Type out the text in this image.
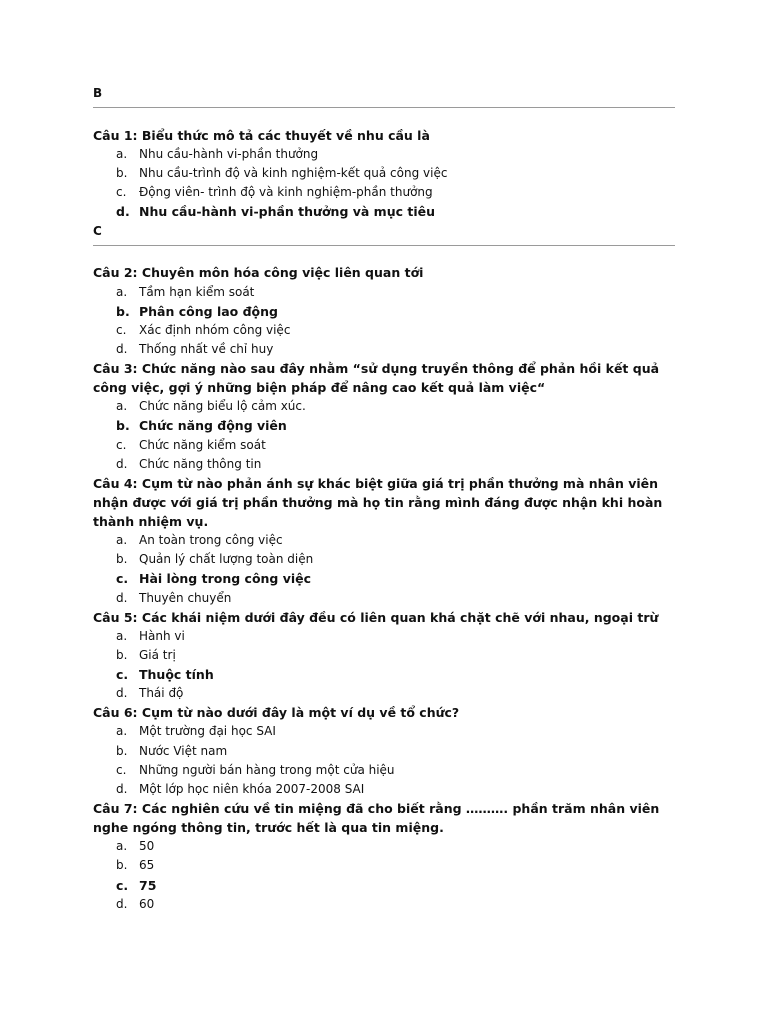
B
Câu 1: Biểu thức mô tả các thuyết về nhu cầu là
a. Nhu cầu-hành vi-phần thưởng
b. Nhu cầu-trình độ và kinh nghiệm-kết quả công việc
c. Động viên- trình độ và kinh nghiệm-phần thưởng
d. Nhu cầu-hành vi-phần thưởng và mục tiêu
C
Câu 2: Chuyên môn hóa công việc liên quan tới
a. Tầm hạn kiểm soát
b. Phân công lao động
c. Xác định nhóm công việc
d. Thống nhất về chỉ huy
Câu 3: Chức năng nào sau đây nhằm “sử dụng truyền thông để phản hồi kết quả công việc, gợi ý những biện pháp để nâng cao kết quả làm việc“
a. Chức năng biểu lộ cảm xúc.
b. Chức năng động viên
c. Chức năng kiểm soát
d. Chức năng thông tin
Câu 4: Cụm từ nào phản ánh sự khác biệt giữa giá trị phần thưởng mà nhân viên nhận được với giá trị phần thưởng mà họ tin rằng mình đáng được nhận khi hoàn thành nhiệm vụ.
a. An toàn trong công việc
b. Quản lý chất lượng toàn diện
c. Hài lòng trong công việc
d. Thuyên chuyển
Câu 5: Các khái niệm dưới đây đều có liên quan khá chặt chẽ với nhau, ngoại trừ
a. Hành vi
b. Giá trị
c. Thuộc tính
d. Thái độ
Câu 6: Cụm từ nào dưới đây là một ví dụ về tổ chức?
a. Một trường đại học SAI
b. Nước Việt nam
c. Những người bán hàng trong một cửa hiệu
d. Một lớp học niên khóa 2007-2008 SAI
Câu 7: Các nghiên cứu về tin miệng đã cho biết rằng ………. phần trăm nhân viên nghe ngóng thông tin, trước hết là qua tin miệng.
a. 50
b. 65
c. 75
d. 60
